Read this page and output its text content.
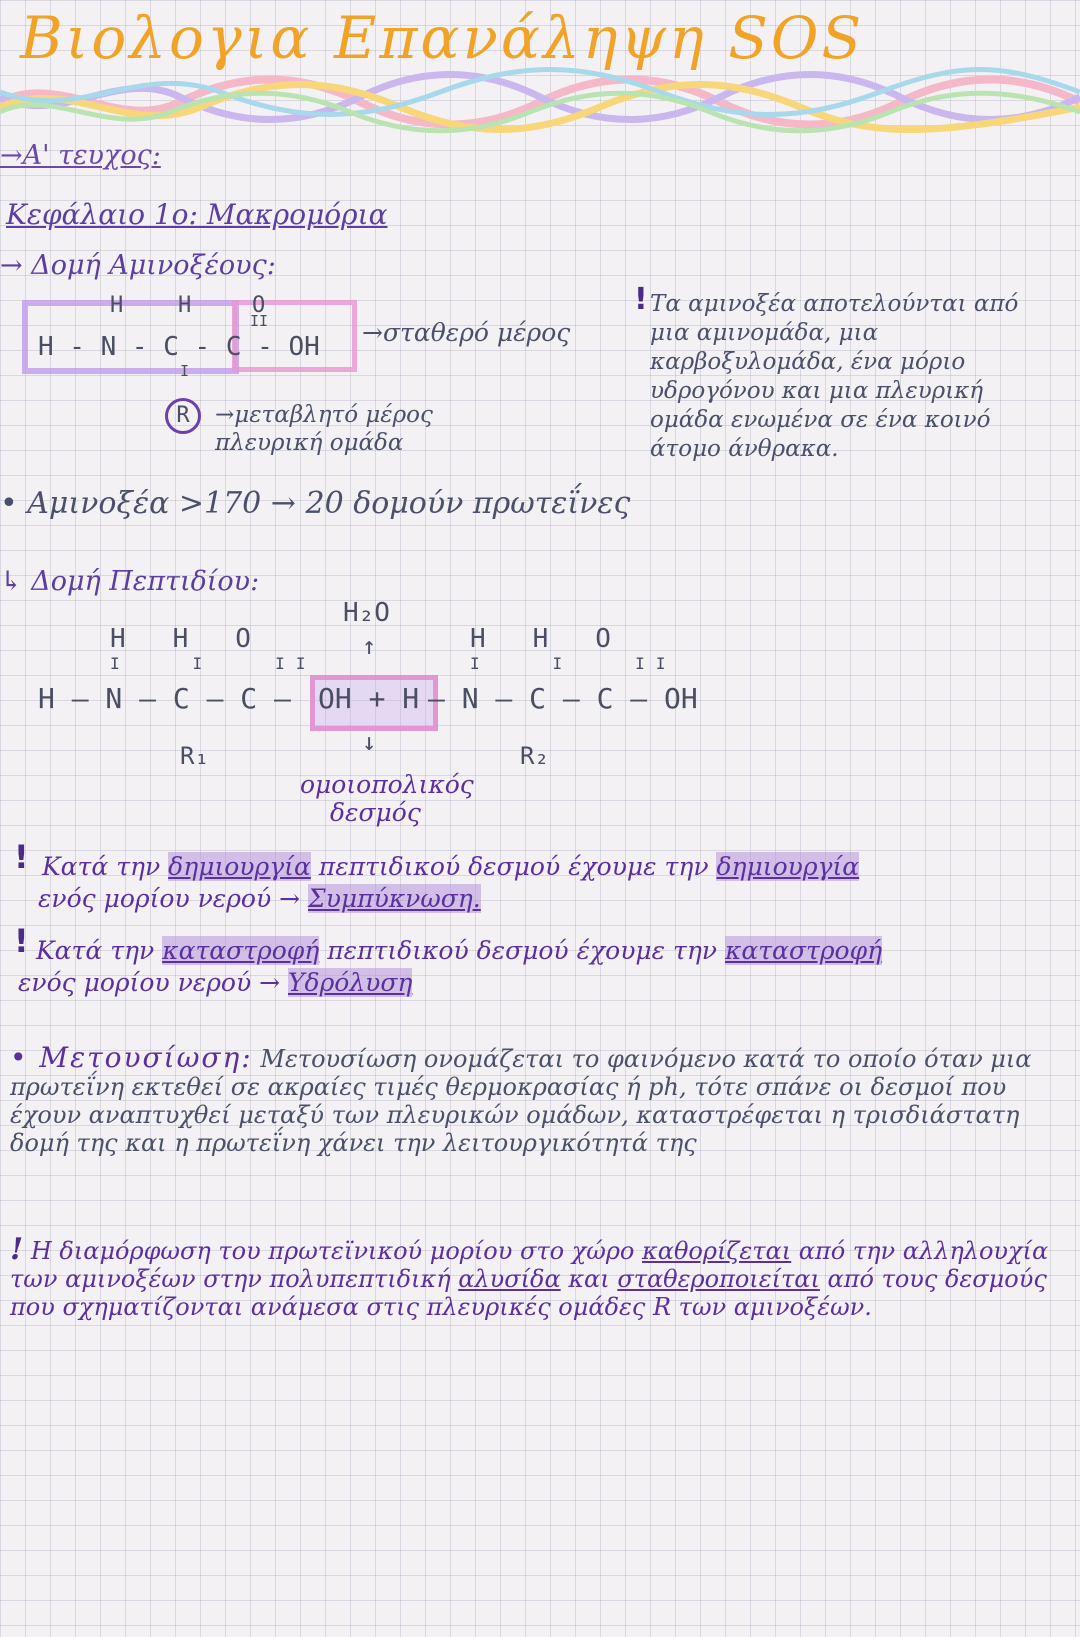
Βιολογια Επανάληψη SOS
→Α' τευχος:
Κεφάλαιο 1ο: Μακρομόρια
→ Δομή Αμινοξέους:
H H	O
II
H - N - C - C - OH
I
R
→σταθερό μέρος
→μεταβλητό μέρος
πλευρική ομάδα
! Τα αμινοξέα αποτελούνται από μια αμινομάδα, μια καρβοξυλομάδα, ένα μόριο υδρογόνου και μια πλευρική ομάδα ενωμένα σε ένα κοινό άτομο άνθρακα.
• Αμινοξέα >170 → 20 δομούν πρωτεΐνες
↳ Δομή Πεπτιδίου:
H₂O
↑
H   H   O	H   H   O
I   I   II	I   I   II
H — N — C — C — OH + H — N — C — C — OH
↓
R₁	R₂
ομοιοπολικός
δεσμός
! Κατά την δημιουργία πεπτιδικού δεσμού έχουμε την δημιουργία
ενός μορίου νερού → Συμπύκνωση.
! Κατά την καταστροφή πεπτιδικού δεσμού έχουμε την καταστροφή
ενός μορίου νερού → Υδρόλυση
• Μετουσίωση: Μετουσίωση ονομάζεται το φαινόμενο κατά το οποίο όταν μια πρωτεΐνη εκτεθεί σε ακραίες τιμές θερμοκρασίας ή ph, τότε σπάνε οι δεσμοί που έχουν αναπτυχθεί μεταξύ των πλευρικών ομάδων, καταστρέφεται η τρισδιάστατη δομή της και η πρωτεΐνη χάνει την λειτουργικότητά της
! Η διαμόρφωση του πρωτεϊνικού μορίου στο χώρο καθορίζεται από την αλληλουχία των αμινοξέων στην πολυπεπτιδική αλυσίδα και σταθεροποιείται από τους δεσμούς που σχηματίζονται ανάμεσα στις πλευρικές ομάδες R των αμινοξέων.
